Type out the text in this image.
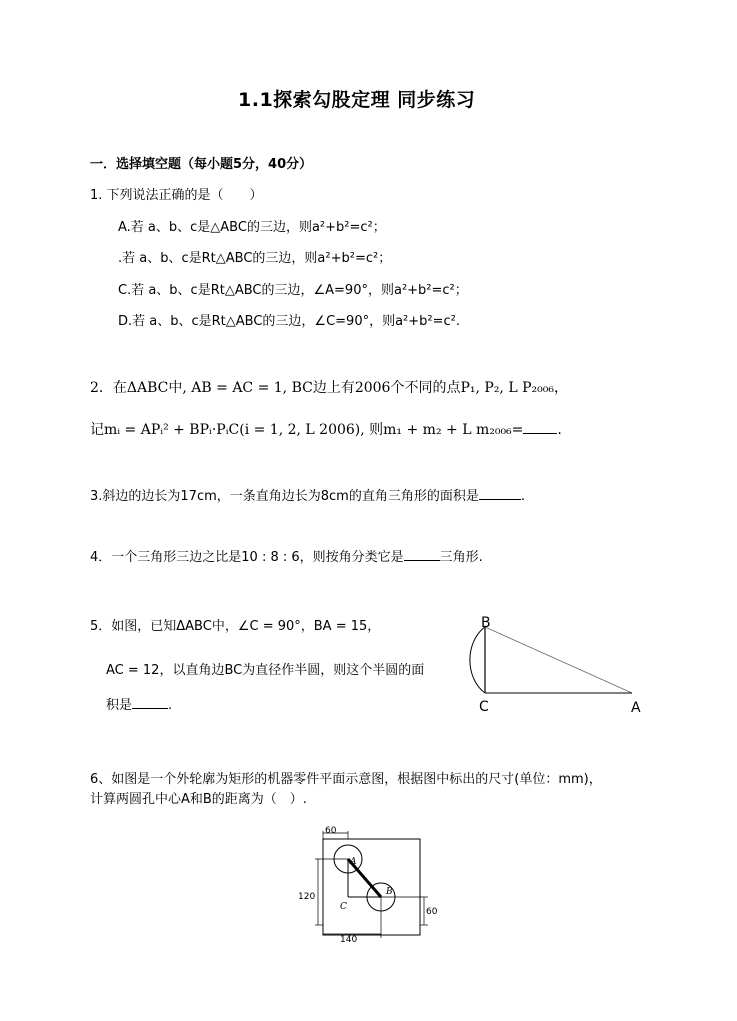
1.1探索勾股定理 同步练习
一．选择填空题（每小题5分，40分）
1. 下列说法正确的是（　　）
A.若 a、b、c是△ABC的三边，则a²+b²=c²；
.若 a、b、c是Rt△ABC的三边，则a²+b²=c²；
C.若 a、b、c是Rt△ABC的三边，∠A=90°，则a²+b²=c²；
D.若 a、b、c是Rt△ABC的三边，∠C=90°，则a²+b²=c².
2．在ΔABC中, AB = AC = 1, BC边上有2006个不同的点P₁, P₂, L P₂₀₀₆，
记mᵢ = APᵢ² + BPᵢ·PᵢC(i = 1, 2, L 2006), 则m₁ + m₂ + L m₂₀₀₆= .
3.斜边的边长为17cm，一条直角边长为8cm的直角三角形的面积是	.
4．一个三角形三边之比是10 : 8 : 6，则按角分类它是	三角形.
5．如图，已知ΔABC中，∠C = 90°，BA = 15，
AC = 12，以直角边BC为直径作半圆，则这个半圆的面
积是	.
B
C	A
6、如图是一个外轮廓为矩形的机器零件平面示意图，根据图中标出的尺寸(单位：mm)，
计算两圆孔中心A和B的距离为（　）.
60
120
60
140
A
B
C
